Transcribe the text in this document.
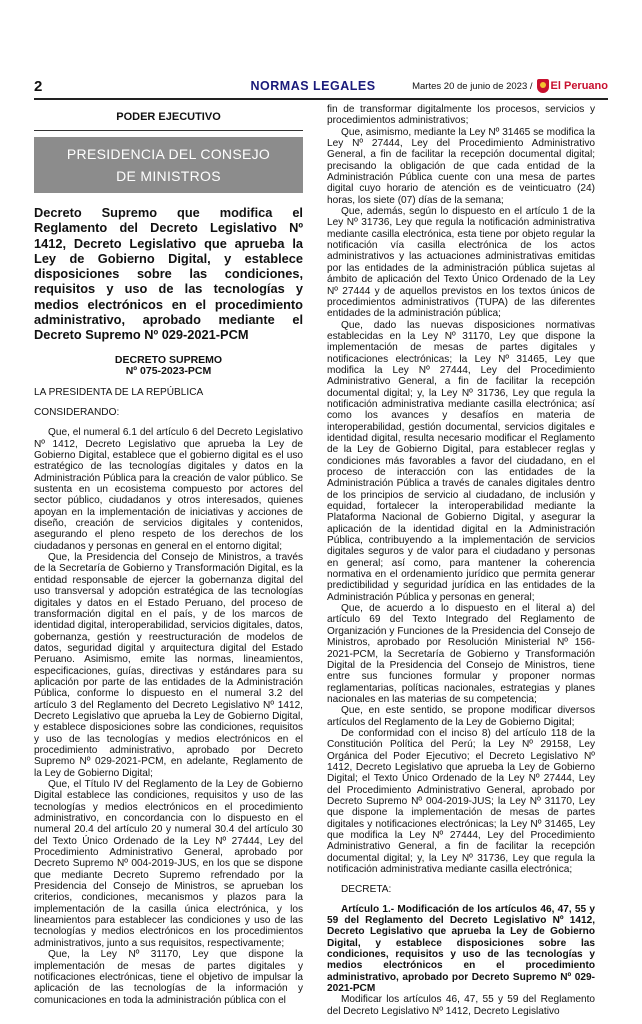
2	NORMAS LEGALES	Martes 20 de junio de 2023 / El Peruano
PODER EJECUTIVO
PRESIDENCIA DEL CONSEJO
DE MINISTROS
Decreto Supremo que modifica el Reglamento del Decreto Legislativo Nº 1412, Decreto Legislativo que aprueba la Ley de Gobierno Digital, y establece disposiciones sobre las condiciones, requisitos y uso de las tecnologías y medios electrónicos en el procedimiento administrativo, aprobado mediante el Decreto Supremo Nº 029-2021-PCM
DECRETO SUPREMO
Nº 075-2023-PCM

LA PRESIDENTA DE LA REPÚBLICA

CONSIDERANDO:

Que, el numeral 6.1 del artículo 6 del Decreto Legislativo Nº 1412, Decreto Legislativo que aprueba la Ley de Gobierno Digital, establece que el gobierno digital es el uso estratégico de las tecnologías digitales y datos en la Administración Pública para la creación de valor público. Se sustenta en un ecosistema compuesto por actores del sector público, ciudadanos y otros interesados, quienes apoyan en la implementación de iniciativas y acciones de diseño, creación de servicios digitales y contenidos, asegurando el pleno respeto de los derechos de los ciudadanos y personas en general en el entorno digital;

Que, la Presidencia del Consejo de Ministros, a través de la Secretaría de Gobierno y Transformación Digital, es la entidad responsable de ejercer la gobernanza digital del uso transversal y adopción estratégica de las tecnologías digitales y datos en el Estado Peruano, del proceso de transformación digital en el país, y de los marcos de identidad digital, interoperabilidad, servicios digitales, datos, gobernanza, gestión y reestructuración de modelos de datos, seguridad digital y arquitectura digital del Estado Peruano. Asimismo, emite las normas, lineamientos, especificaciones, guías, directivas y estándares para su aplicación por parte de las entidades de la Administración Pública, conforme lo dispuesto en el numeral 3.2 del artículo 3 del Reglamento del Decreto Legislativo Nº 1412, Decreto Legislativo que aprueba la Ley de Gobierno Digital, y establece disposiciones sobre las condiciones, requisitos y uso de las tecnologías y medios electrónicos en el procedimiento administrativo, aprobado por Decreto Supremo Nº 029-2021-PCM, en adelante, Reglamento de la Ley de Gobierno Digital;

Que, el Título IV del Reglamento de la Ley de Gobierno Digital establece las condiciones, requisitos y uso de las tecnologías y medios electrónicos en el procedimiento administrativo, en concordancia con lo dispuesto en el numeral 20.4 del artículo 20 y numeral 30.4 del artículo 30 del Texto Único Ordenado de la Ley Nº 27444, Ley del Procedimiento Administrativo General, aprobado por Decreto Supremo Nº 004-2019-JUS, en los que se dispone que mediante Decreto Supremo refrendado por la Presidencia del Consejo de Ministros, se aprueban los criterios, condiciones, mecanismos y plazos para la implementación de la casilla única electrónica, y los lineamientos para establecer las condiciones y uso de las tecnologías y medios electrónicos en los procedimientos administrativos, junto a sus requisitos, respectivamente;

Que, la Ley Nº 31170, Ley que dispone la implementación de mesas de partes digitales y notificaciones electrónicas, tiene el objetivo de impulsar la aplicación de las tecnologías de la información y comunicaciones en toda la administración pública con el

fin de transformar digitalmente los procesos, servicios y procedimientos administrativos;

Que, asimismo, mediante la Ley Nº 31465 se modifica la Ley Nº 27444, Ley del Procedimiento Administrativo General, a fin de facilitar la recepción documental digital; precisando la obligación de que cada entidad de la Administración Pública cuente con una mesa de partes digital cuyo horario de atención es de veinticuatro (24) horas, los siete (07) días de la semana;

Que, además, según lo dispuesto en el artículo 1 de la Ley Nº 31736, Ley que regula la notificación administrativa mediante casilla electrónica, esta tiene por objeto regular la notificación vía casilla electrónica de los actos administrativos y las actuaciones administrativas emitidas por las entidades de la administración pública sujetas al ámbito de aplicación del Texto Único Ordenado de la Ley Nº 27444 y de aquellos previstos en los textos únicos de procedimientos administrativos (TUPA) de las diferentes entidades de la administración pública;

Que, dado las nuevas disposiciones normativas establecidas en la Ley Nº 31170, Ley que dispone la implementación de mesas de partes digitales y notificaciones electrónicas; la Ley Nº 31465, Ley que modifica la Ley Nº 27444, Ley del Procedimiento Administrativo General, a fin de facilitar la recepción documental digital; y, la Ley Nº 31736, Ley que regula la notificación administrativa mediante casilla electrónica; así como los avances y desafíos en materia de interoperabilidad, gestión documental, servicios digitales e identidad digital, resulta necesario modificar el Reglamento de la Ley de Gobierno Digital, para establecer reglas y condiciones más favorables a favor del ciudadano, en el proceso de interacción con las entidades de la Administración Pública a través de canales digitales dentro de los principios de servicio al ciudadano, de inclusión y equidad, fortalecer la interoperabilidad mediante la Plataforma Nacional de Gobierno Digital, y asegurar la aplicación de la identidad digital en la Administración Pública, contribuyendo a la implementación de servicios digitales seguros y de valor para el ciudadano y personas en general; así como, para mantener la coherencia normativa en el ordenamiento jurídico que permita generar predictibilidad y seguridad jurídica en las entidades de la Administración Pública y personas en general;

Que, de acuerdo a lo dispuesto en el literal a) del artículo 69 del Texto Integrado del Reglamento de Organización y Funciones de la Presidencia del Consejo de Ministros, aprobado por Resolución Ministerial Nº 156-2021-PCM, la Secretaría de Gobierno y Transformación Digital de la Presidencia del Consejo de Ministros, tiene entre sus funciones formular y proponer normas reglamentarias, políticas nacionales, estrategias y planes nacionales en las materias de su competencia;

Que, en este sentido, se propone modificar diversos artículos del Reglamento de la Ley de Gobierno Digital;

De conformidad con el inciso 8) del artículo 118 de la Constitución Política del Perú; la Ley Nº 29158, Ley Orgánica del Poder Ejecutivo; el Decreto Legislativo Nº 1412, Decreto Legislativo que aprueba la Ley de Gobierno Digital; el Texto Único Ordenado de la Ley Nº 27444, Ley del Procedimiento Administrativo General, aprobado por Decreto Supremo Nº 004-2019-JUS; la Ley Nº 31170, Ley que dispone la implementación de mesas de partes digitales y notificaciones electrónicas; la Ley Nº 31465, Ley que modifica la Ley Nº 27444, Ley del Procedimiento Administrativo General, a fin de facilitar la recepción documental digital; y, la Ley Nº 31736, Ley que regula la notificación administrativa mediante casilla electrónica;

DECRETA:

Artículo 1.- Modificación de los artículos 46, 47, 55 y 59 del Reglamento del Decreto Legislativo Nº 1412, Decreto Legislativo que aprueba la Ley de Gobierno Digital, y establece disposiciones sobre las condiciones, requisitos y uso de las tecnologías y medios electrónicos en el procedimiento administrativo, aprobado por Decreto Supremo Nº 029-2021-PCM

Modificar los artículos 46, 47, 55 y 59 del Reglamento del Decreto Legislativo Nº 1412, Decreto Legislativo
